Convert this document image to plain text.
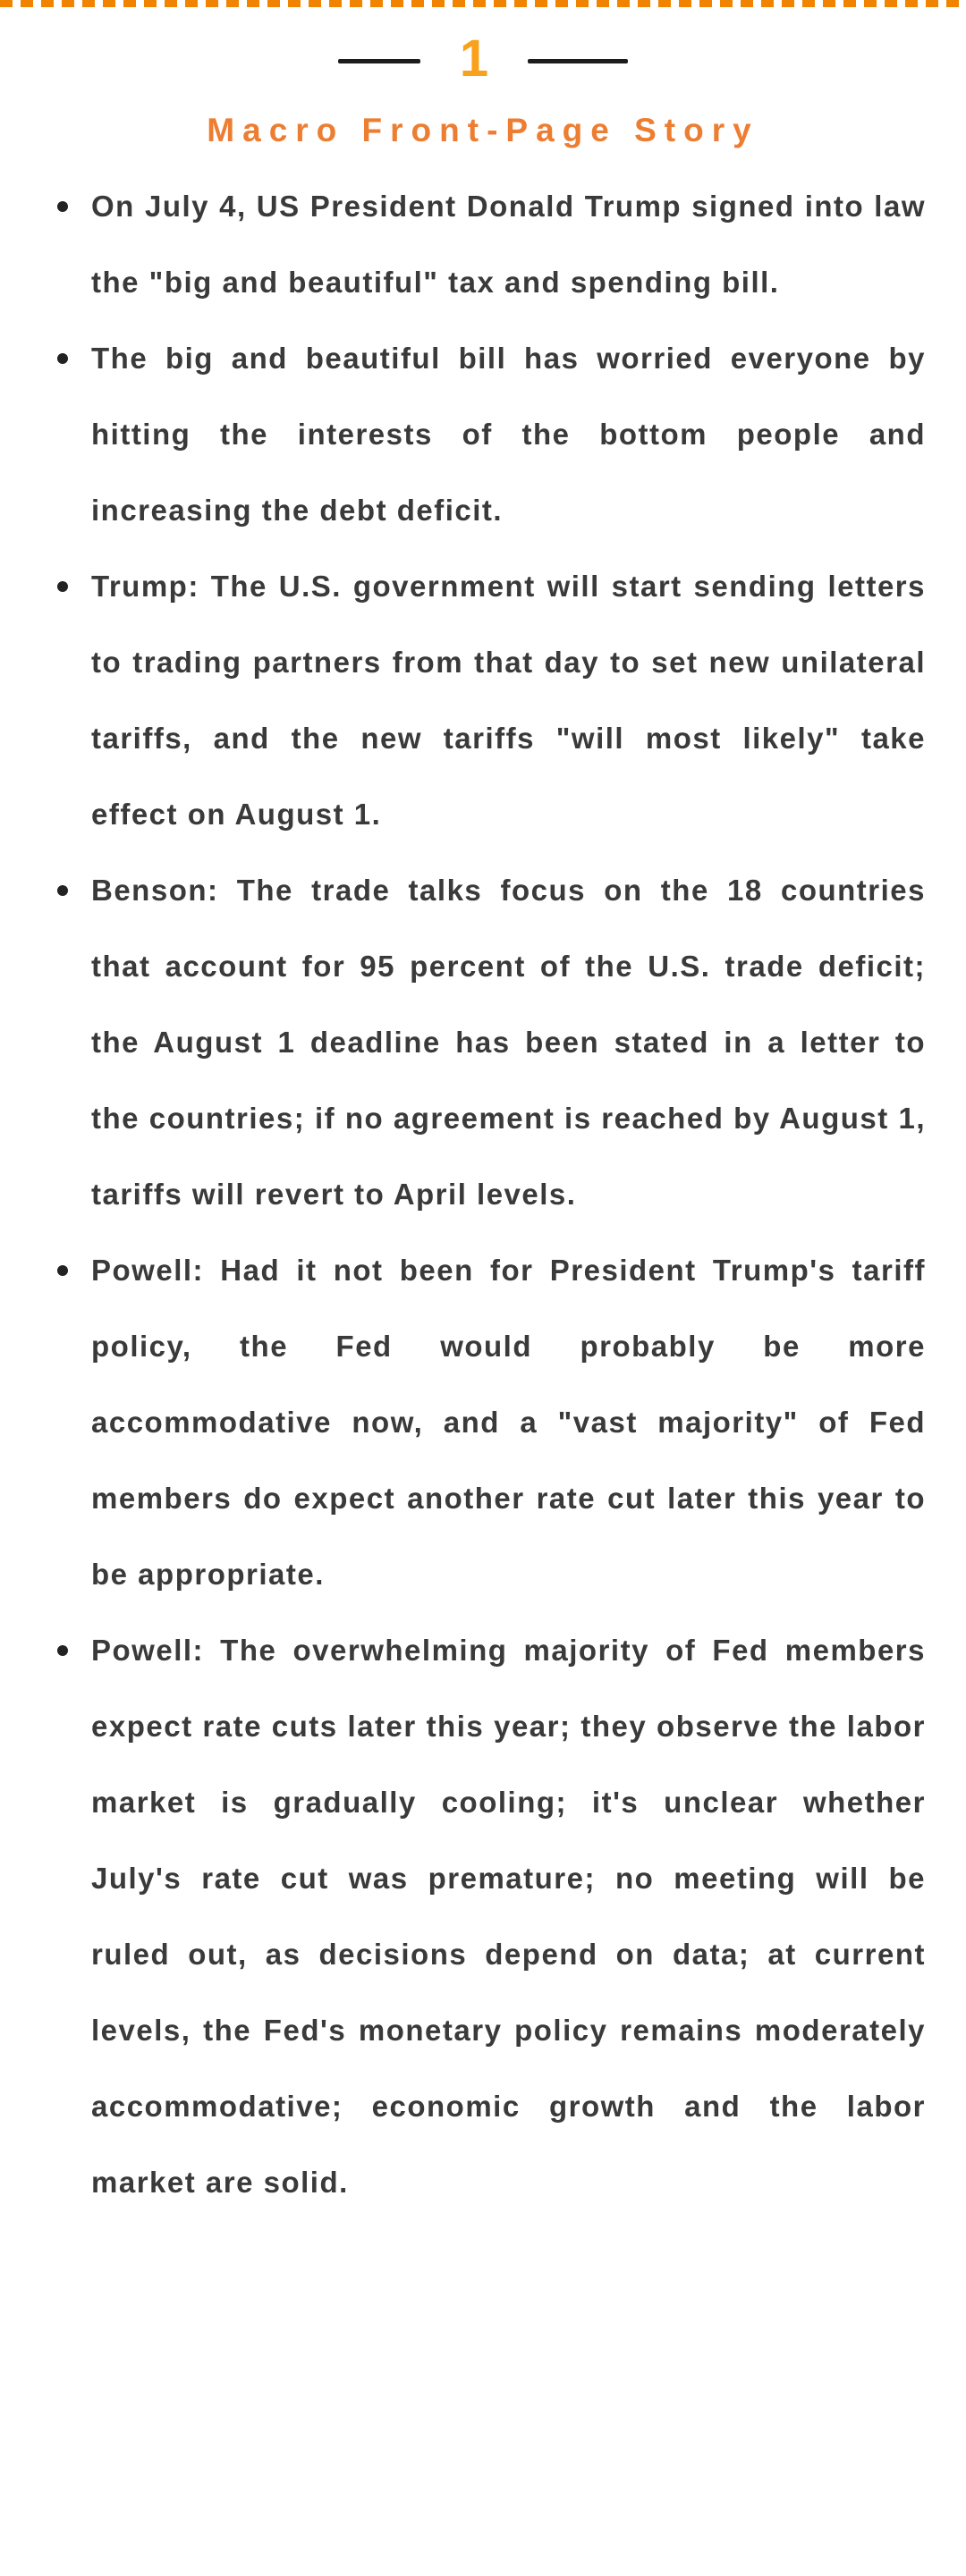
1
Macro Front-Page Story
On July 4, US President Donald Trump signed into law the "big and beautiful" tax and spending bill.
The big and beautiful bill has worried everyone by hitting the interests of the bottom people and increasing the debt deficit.
Trump: The U.S. government will start sending letters to trading partners from that day to set new unilateral tariffs, and the new tariffs "will most likely" take effect on August 1.
Benson: The trade talks focus on the 18 countries that account for 95 percent of the U.S. trade deficit; the August 1 deadline has been stated in a letter to the countries; if no agreement is reached by August 1, tariffs will revert to April levels.
Powell: Had it not been for President Trump's tariff policy, the Fed would probably be more accommodative now, and a "vast majority" of Fed members do expect another rate cut later this year to be appropriate.
Powell: The overwhelming majority of Fed members expect rate cuts later this year; they observe the labor market is gradually cooling; it's unclear whether July's rate cut was premature; no meeting will be ruled out, as decisions depend on data; at current levels, the Fed's monetary policy remains moderately accommodative; economic growth and the labor market are solid.
